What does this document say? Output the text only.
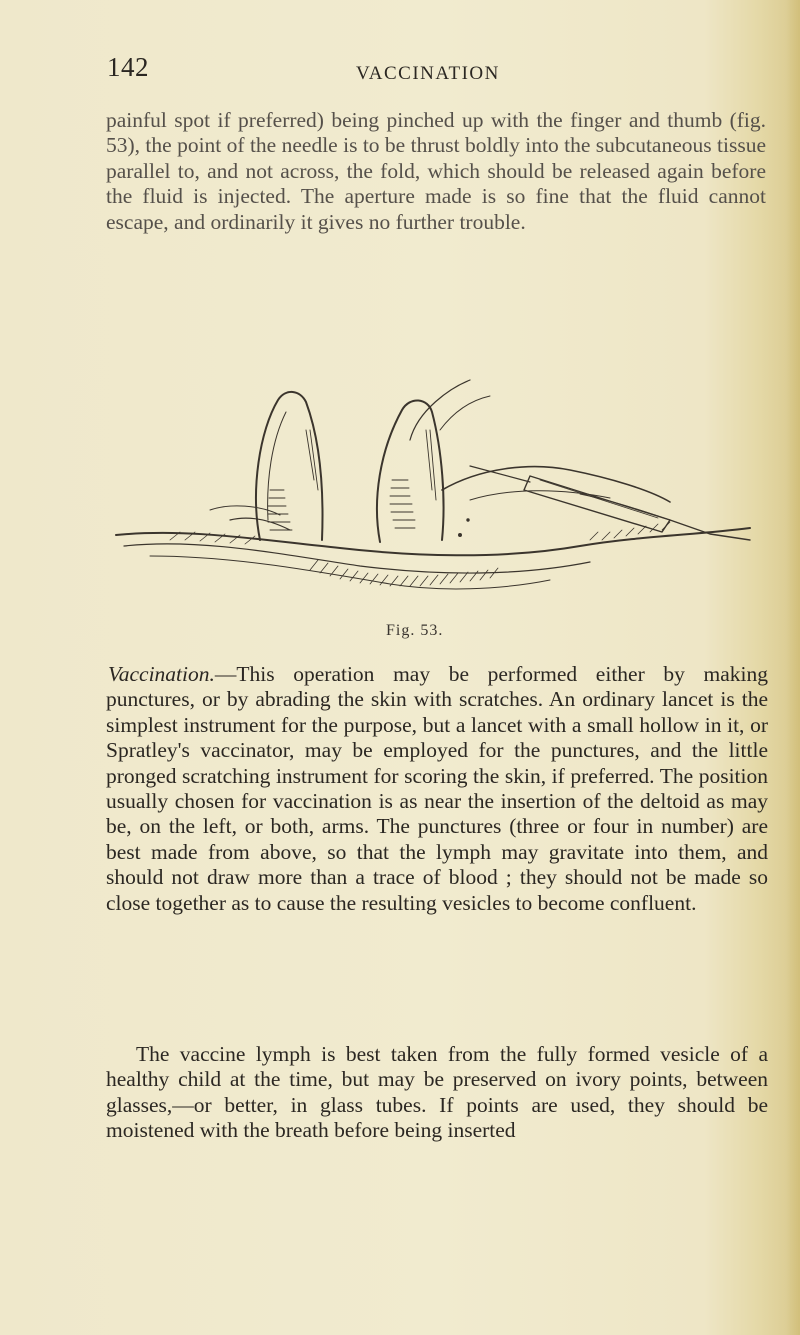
142	VACCINATION

painful spot if preferred) being pinched up with the finger and thumb (fig. 53), the point of the needle is to be thrust boldly into the subcutaneous tissue parallel to, and not across, the fold, which should be released again before the fluid is injected. The aperture made is so fine that the fluid cannot escape, and ordinarily it gives no further trouble.

Fig. 53.

Vaccination.—This operation may be performed either by making punctures, or by abrading the skin with scratches. An ordinary lancet is the simplest instrument for the purpose, but a lancet with a small hollow in it, or Spratley's vaccinator, may be employed for the punctures, and the little pronged scratching instrument for scoring the skin, if preferred. The position usually chosen for vaccination is as near the insertion of the deltoid as may be, on the left, or both, arms. The punctures (three or four in number) are best made from above, so that the lymph may gravitate into them, and should not draw more than a trace of blood ; they should not be made so close together as to cause the resulting vesicles to become confluent.

The vaccine lymph is best taken from the fully formed vesicle of a healthy child at the time, but may be preserved on ivory points, between glasses,—or better, in glass tubes. If points are used, they should be moistened with the breath before being inserted
